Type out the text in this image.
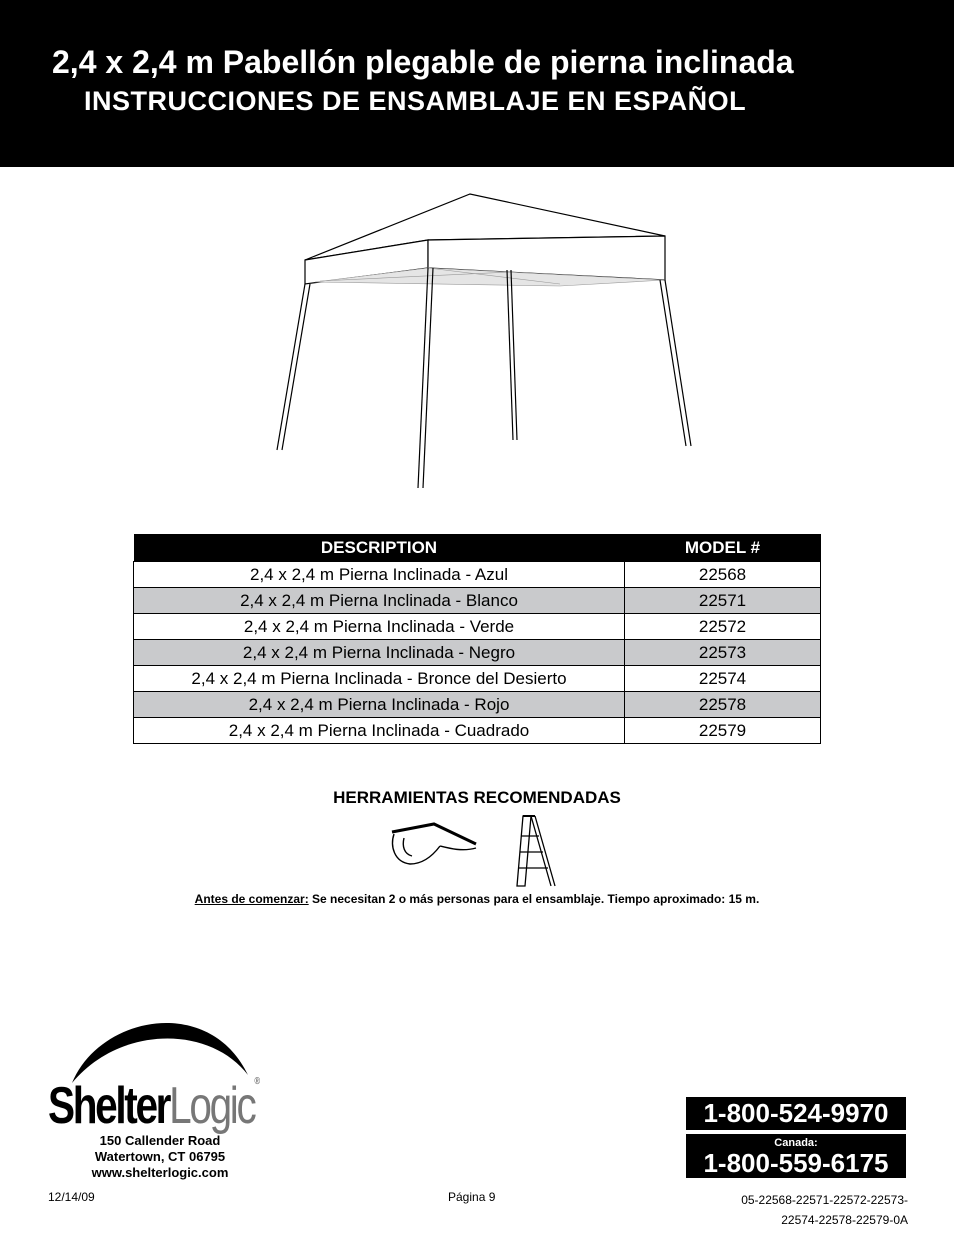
2,4 x 2,4 m Pabellón plegable de pierna inclinada
INSTRUCCIONES DE ENSAMBLAJE EN ESPAÑOL
DESCRIPTION	MODEL #
2,4 x 2,4 m Pierna Inclinada - Azul	22568
2,4 x 2,4 m Pierna Inclinada - Blanco	22571
2,4 x 2,4 m Pierna Inclinada - Verde	22572
2,4 x 2,4 m Pierna Inclinada - Negro	22573
2,4 x 2,4 m Pierna Inclinada - Bronce del Desierto	22574
2,4 x 2,4 m Pierna Inclinada - Rojo	22578
2,4 x 2,4 m Pierna Inclinada - Cuadrado	22579
HERRAMIENTAS RECOMENDADAS
Antes de comenzar: Se necesitan 2 o más personas para el ensamblaje. Tiempo aproximado: 15 m.
ShelterLogic®
150 Callender Road
Watertown, CT 06795
www.shelterlogic.com
1-800-524-9970
Canada:
1-800-559-6175
12/14/09	Página 9	05-22568-22571-22572-22573-
22574-22578-22579-0A
